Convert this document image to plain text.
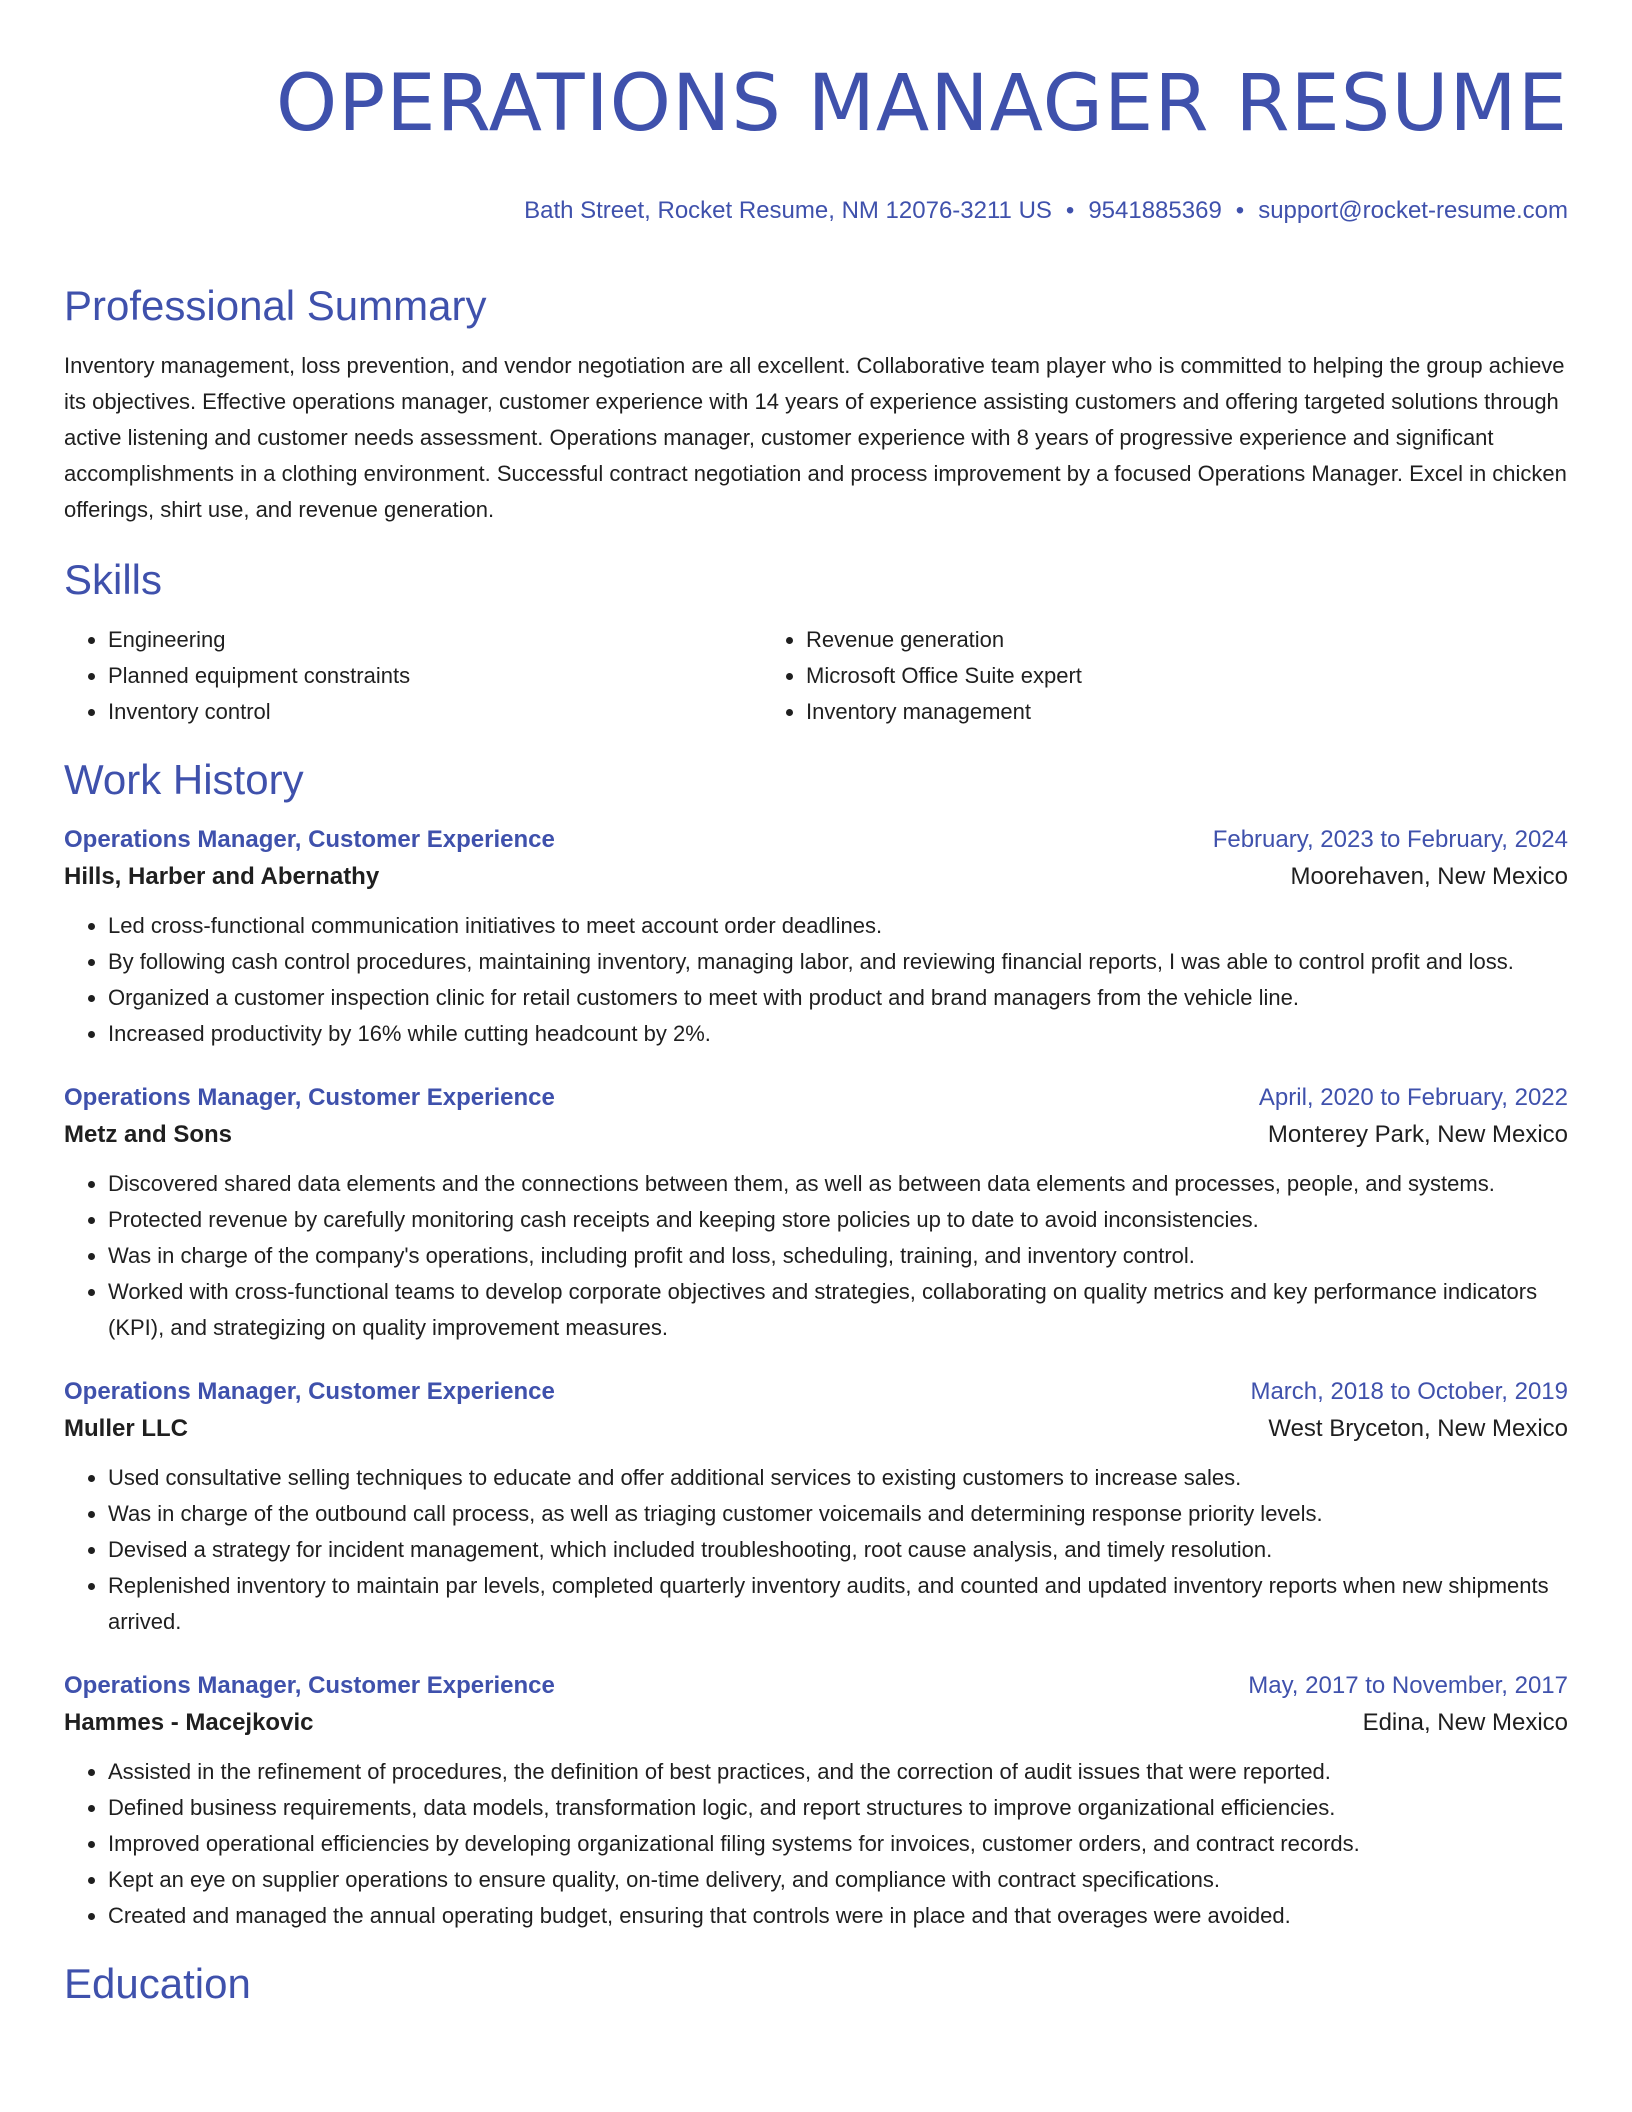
OPERATIONS MANAGER RESUME
Bath Street, Rocket Resume, NM 12076-3211 US • 9541885369 • support@rocket-resume.com
Professional Summary

Inventory management, loss prevention, and vendor negotiation are all excellent. Collaborative team player who is committed to helping the group achieve its objectives. Effective operations manager, customer experience with 14 years of experience assisting customers and offering targeted solutions through active listening and customer needs assessment. Operations manager, customer experience with 8 years of progressive experience and significant accomplishments in a clothing environment. Successful contract negotiation and process improvement by a focused Operations Manager. Excel in chicken offerings, shirt use, and revenue generation.

Skills
• Engineering
• Planned equipment constraints
• Inventory control
• Revenue generation
• Microsoft Office Suite expert
• Inventory management
Work History
Operations Manager, Customer Experience	February, 2023 to February, 2024
Hills, Harber and Abernathy	Moorehaven, New Mexico
• Led cross-functional communication initiatives to meet account order deadlines.
• By following cash control procedures, maintaining inventory, managing labor, and reviewing financial reports, I was able to control profit and loss.
• Organized a customer inspection clinic for retail customers to meet with product and brand managers from the vehicle line.
• Increased productivity by 16% while cutting headcount by 2%.
Operations Manager, Customer Experience	April, 2020 to February, 2022
Metz and Sons	Monterey Park, New Mexico
• Discovered shared data elements and the connections between them, as well as between data elements and processes, people, and systems.
• Protected revenue by carefully monitoring cash receipts and keeping store policies up to date to avoid inconsistencies.
• Was in charge of the company's operations, including profit and loss, scheduling, training, and inventory control.
• Worked with cross-functional teams to develop corporate objectives and strategies, collaborating on quality metrics and key performance indicators (KPI), and strategizing on quality improvement measures.
Operations Manager, Customer Experience	March, 2018 to October, 2019
Muller LLC	West Bryceton, New Mexico
• Used consultative selling techniques to educate and offer additional services to existing customers to increase sales.
• Was in charge of the outbound call process, as well as triaging customer voicemails and determining response priority levels.
• Devised a strategy for incident management, which included troubleshooting, root cause analysis, and timely resolution.
• Replenished inventory to maintain par levels, completed quarterly inventory audits, and counted and updated inventory reports when new shipments arrived.
Operations Manager, Customer Experience	May, 2017 to November, 2017
Hammes - Macejkovic	Edina, New Mexico
• Assisted in the refinement of procedures, the definition of best practices, and the correction of audit issues that were reported.
• Defined business requirements, data models, transformation logic, and report structures to improve organizational efficiencies.
• Improved operational efficiencies by developing organizational filing systems for invoices, customer orders, and contract records.
• Kept an eye on supplier operations to ensure quality, on-time delivery, and compliance with contract specifications.
• Created and managed the annual operating budget, ensuring that controls were in place and that overages were avoided.
Education
